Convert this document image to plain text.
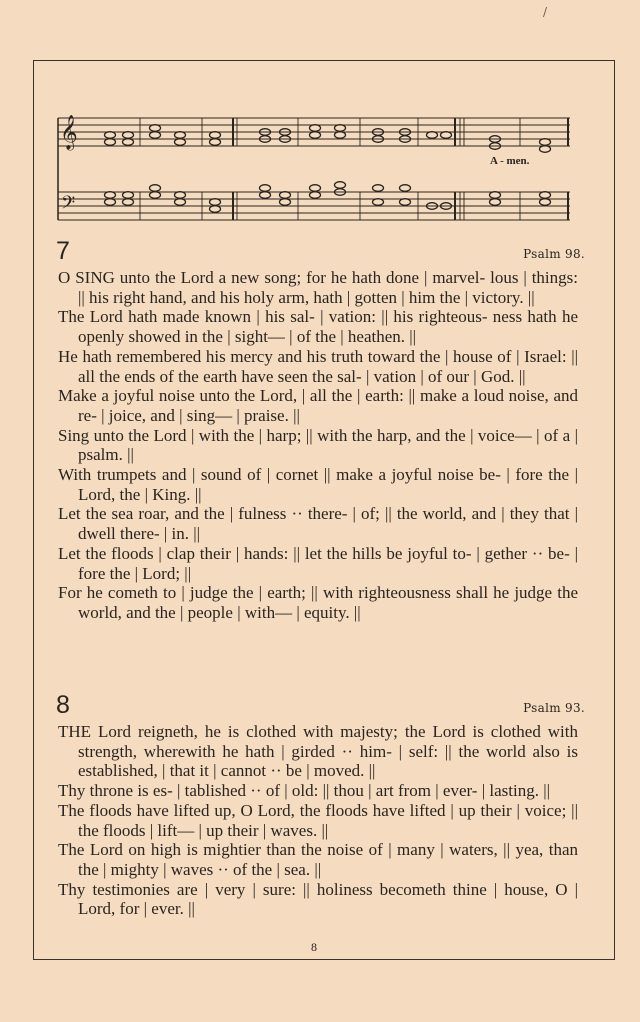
/
𝄞
𝄢
A - men.
7	Psalm 98.
O SING unto the Lord a new song; for he hath done | marvel- lous | things: || his right hand, and his holy arm, hath | gotten | him the | victory. ||
The Lord hath made known | his sal- | vation: || his righteous- ness hath he openly showed in the | sight— | of the | heathen. ||
He hath remembered his mercy and his truth toward the | house of | Israel: || all the ends of the earth have seen the sal- | vation | of our | God. ||
Make a joyful noise unto the Lord, | all the | earth: || make a loud noise, and re- | joice, and | sing— | praise. ||
Sing unto the Lord | with the | harp; || with the harp, and the | voice— | of a | psalm. ||
With trumpets and | sound of | cornet || make a joyful noise be- | fore the | Lord, the | King. ||
Let the sea roar, and the | fulness ·· there- | of; || the world, and | they that | dwell there- | in. ||
Let the floods | clap their | hands: || let the hills be joyful to- | gether ·· be- | fore the | Lord; ||
For he cometh to | judge the | earth; || with righteousness shall he judge the world, and the | people | with— | equity. ||
8	Psalm 93.
THE Lord reigneth, he is clothed with majesty; the Lord is clothed with strength, wherewith he hath | girded ·· him- | self: || the world also is established, | that it | cannot ·· be | moved. ||
Thy throne is es- | tablished ·· of | old: || thou | art from | ever- | lasting. ||
The floods have lifted up, O Lord, the floods have lifted | up their | voice; || the floods | lift— | up their | waves. ||
The Lord on high is mightier than the noise of | many | waters, || yea, than the | mighty | waves ·· of the | sea. ||
Thy testimonies are | very | sure: || holiness becometh thine | house, O | Lord, for | ever. ||
8
